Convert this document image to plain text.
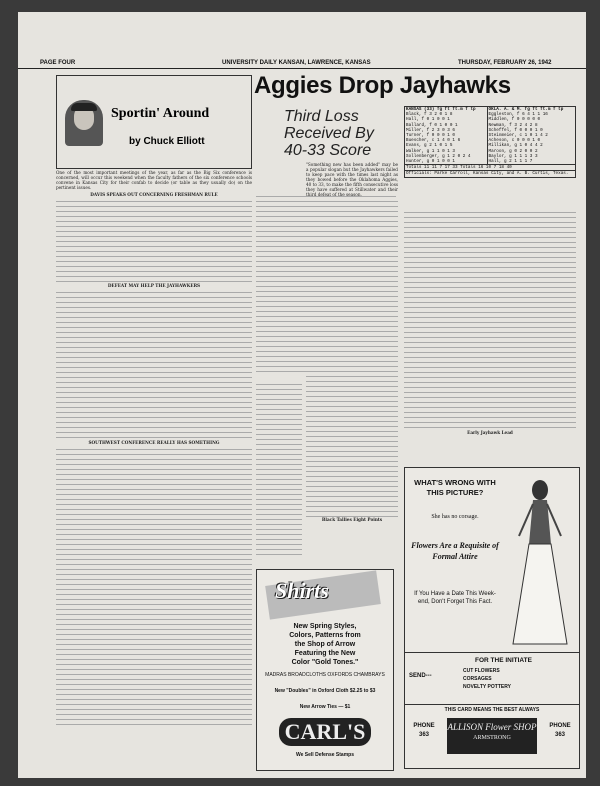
PAGE FOUR	UNIVERSITY DAILY KANSAN, LAWRENCE, KANSAS	THURSDAY, FEBRUARY 26, 1942
Sportin' Around
by Chuck Elliott

One of the most important meetings of the year, as far as the Big Six conference is concerned, will occur this weekend when the faculty fathers of the six conference schools convene in Kansas City for their confab to decide (or table as they usually do) on the pertinent issues.

DAVIS SPEAKS OUT CONCERNING FRESHMAN RULE

DEFEAT MAY HELP THE JAYHAWKERS

SOUTHWEST CONFERENCE REALLY HAS SOMETHING

Aggies Drop Jayhawks
Third Loss Received By 40-33 Score

"Something new has been added" may be a popular slogan but the Jayhawkers failed to keep pace with the times last night as they bowed before the Oklahoma Aggies, 40 to 33, to make the fifth consecutive loss they have suffered at Stillwater and their third defeat of the season.

Black Tallies Eight Points

KANSAS (33) fg ft ft.m f tp
Black, f 3 2 0 1 8
Hall, f 0 1 0 0 1
Ballard, f 0 1 0 0 1
Miller, f 2 3 0 3 6
Turner, f 0 0 0 1 0
Buescher, c 1 4 0 1 6
Evans, g 2 1 0 1 5
Walker, g 1 1 0 1 3
Sollenberger, g 1 2 0 2 4
Hunter, g 0 1 0 0 1

OKLA. A. & M. fg ft ft.m f tp
Eggleston, f 6 4 1 1 16
Middlen, f 0 0 0 0 0
Newman, f 3 2 4 2 8
Scheffel, f 0 0 0 1 0
Steinmeier, c 1 0 1 4 2
Acheson, c 0 0 0 1 0
Millikan, g 1 0 4 4 2
Maroon, g 0 2 0 0 2
Baylor, g 1 1 1 3 3
Hall, g 2 1 1 1 7

Totals 11 11 7 17 33 Totals 16 10 7 18 40
Officials: Parke Carroll, Kansas City, and A. B. Curtis, Texas.

Early Jayhawk Lead

Shirts
New Spring Styles,
Colors, Patterns from
the Shop of Arrow
Featuring the New
Color "Gold Tones."
MADRAS BROADCLOTHS OXFORDS CHAMBRAYS
New "Doubles" in Oxford Cloth $2.25 to $3
New Arrow Ties — $1
CARL'S
We Sell Defense Stamps
WHAT'S WRONG WITH THIS PICTURE?
She has no corsage.
Flowers Are a Requisite of Formal Attire
If You Have a Date This Week-end, Don't Forget This Fact.
SEND---
FOR THE INITIATE
CUT FLOWERS
CORSAGES
NOVELTY POTTERY
THIS CARD MEANS THE BEST ALWAYS
PHONE
363
ALLISON Flower SHOP
ARMSTRONG
PHONE
363
